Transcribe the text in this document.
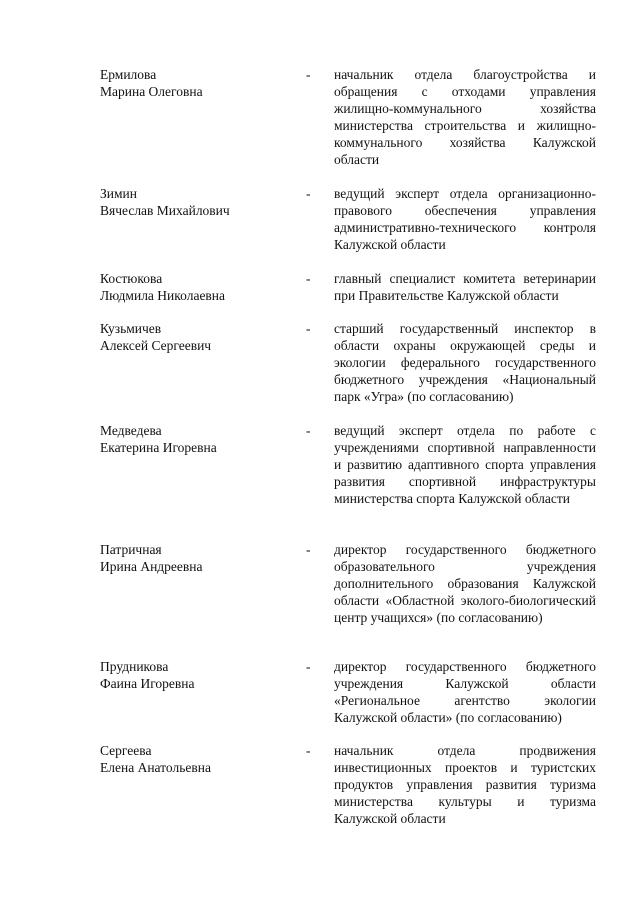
Ермилова
Марина Олеговна
- начальник отдела благоустройства и обращения с отходами управления жилищно-коммунального хозяйства министерства строительства и жилищно-коммунального хозяйства Калужской области
Зимин
Вячеслав Михайлович
- ведущий эксперт отдела организационно-правового обеспечения управления административно-технического контроля Калужской области
Костюкова
Людмила Николаевна
- главный специалист комитета ветеринарии при Правительстве Калужской области
Кузьмичев
Алексей Сергеевич
- старший государственный инспектор в области охраны окружающей среды и экологии федерального государственного бюджетного учреждения «Национальный парк «Угра» (по согласованию)
Медведева
Екатерина Игоревна
- ведущий эксперт отдела по работе с учреждениями спортивной направленности и развитию адаптивного спорта управления развития спортивной инфраструктуры министерства спорта Калужской области
Патричная
Ирина Андреевна
- директор государственного бюджетного образовательного учреждения дополнительного образования Калужской области «Областной эколого-биологический центр учащихся» (по согласованию)
Прудникова
Фаина Игоревна
- директор государственного бюджетного учреждения Калужской области «Региональное агентство экологии Калужской области» (по согласованию)
Сергеева
Елена Анатольевна
- начальник отдела продвижения инвестиционных проектов и туристских продуктов управления развития туризма министерства культуры и туризма Калужской области
